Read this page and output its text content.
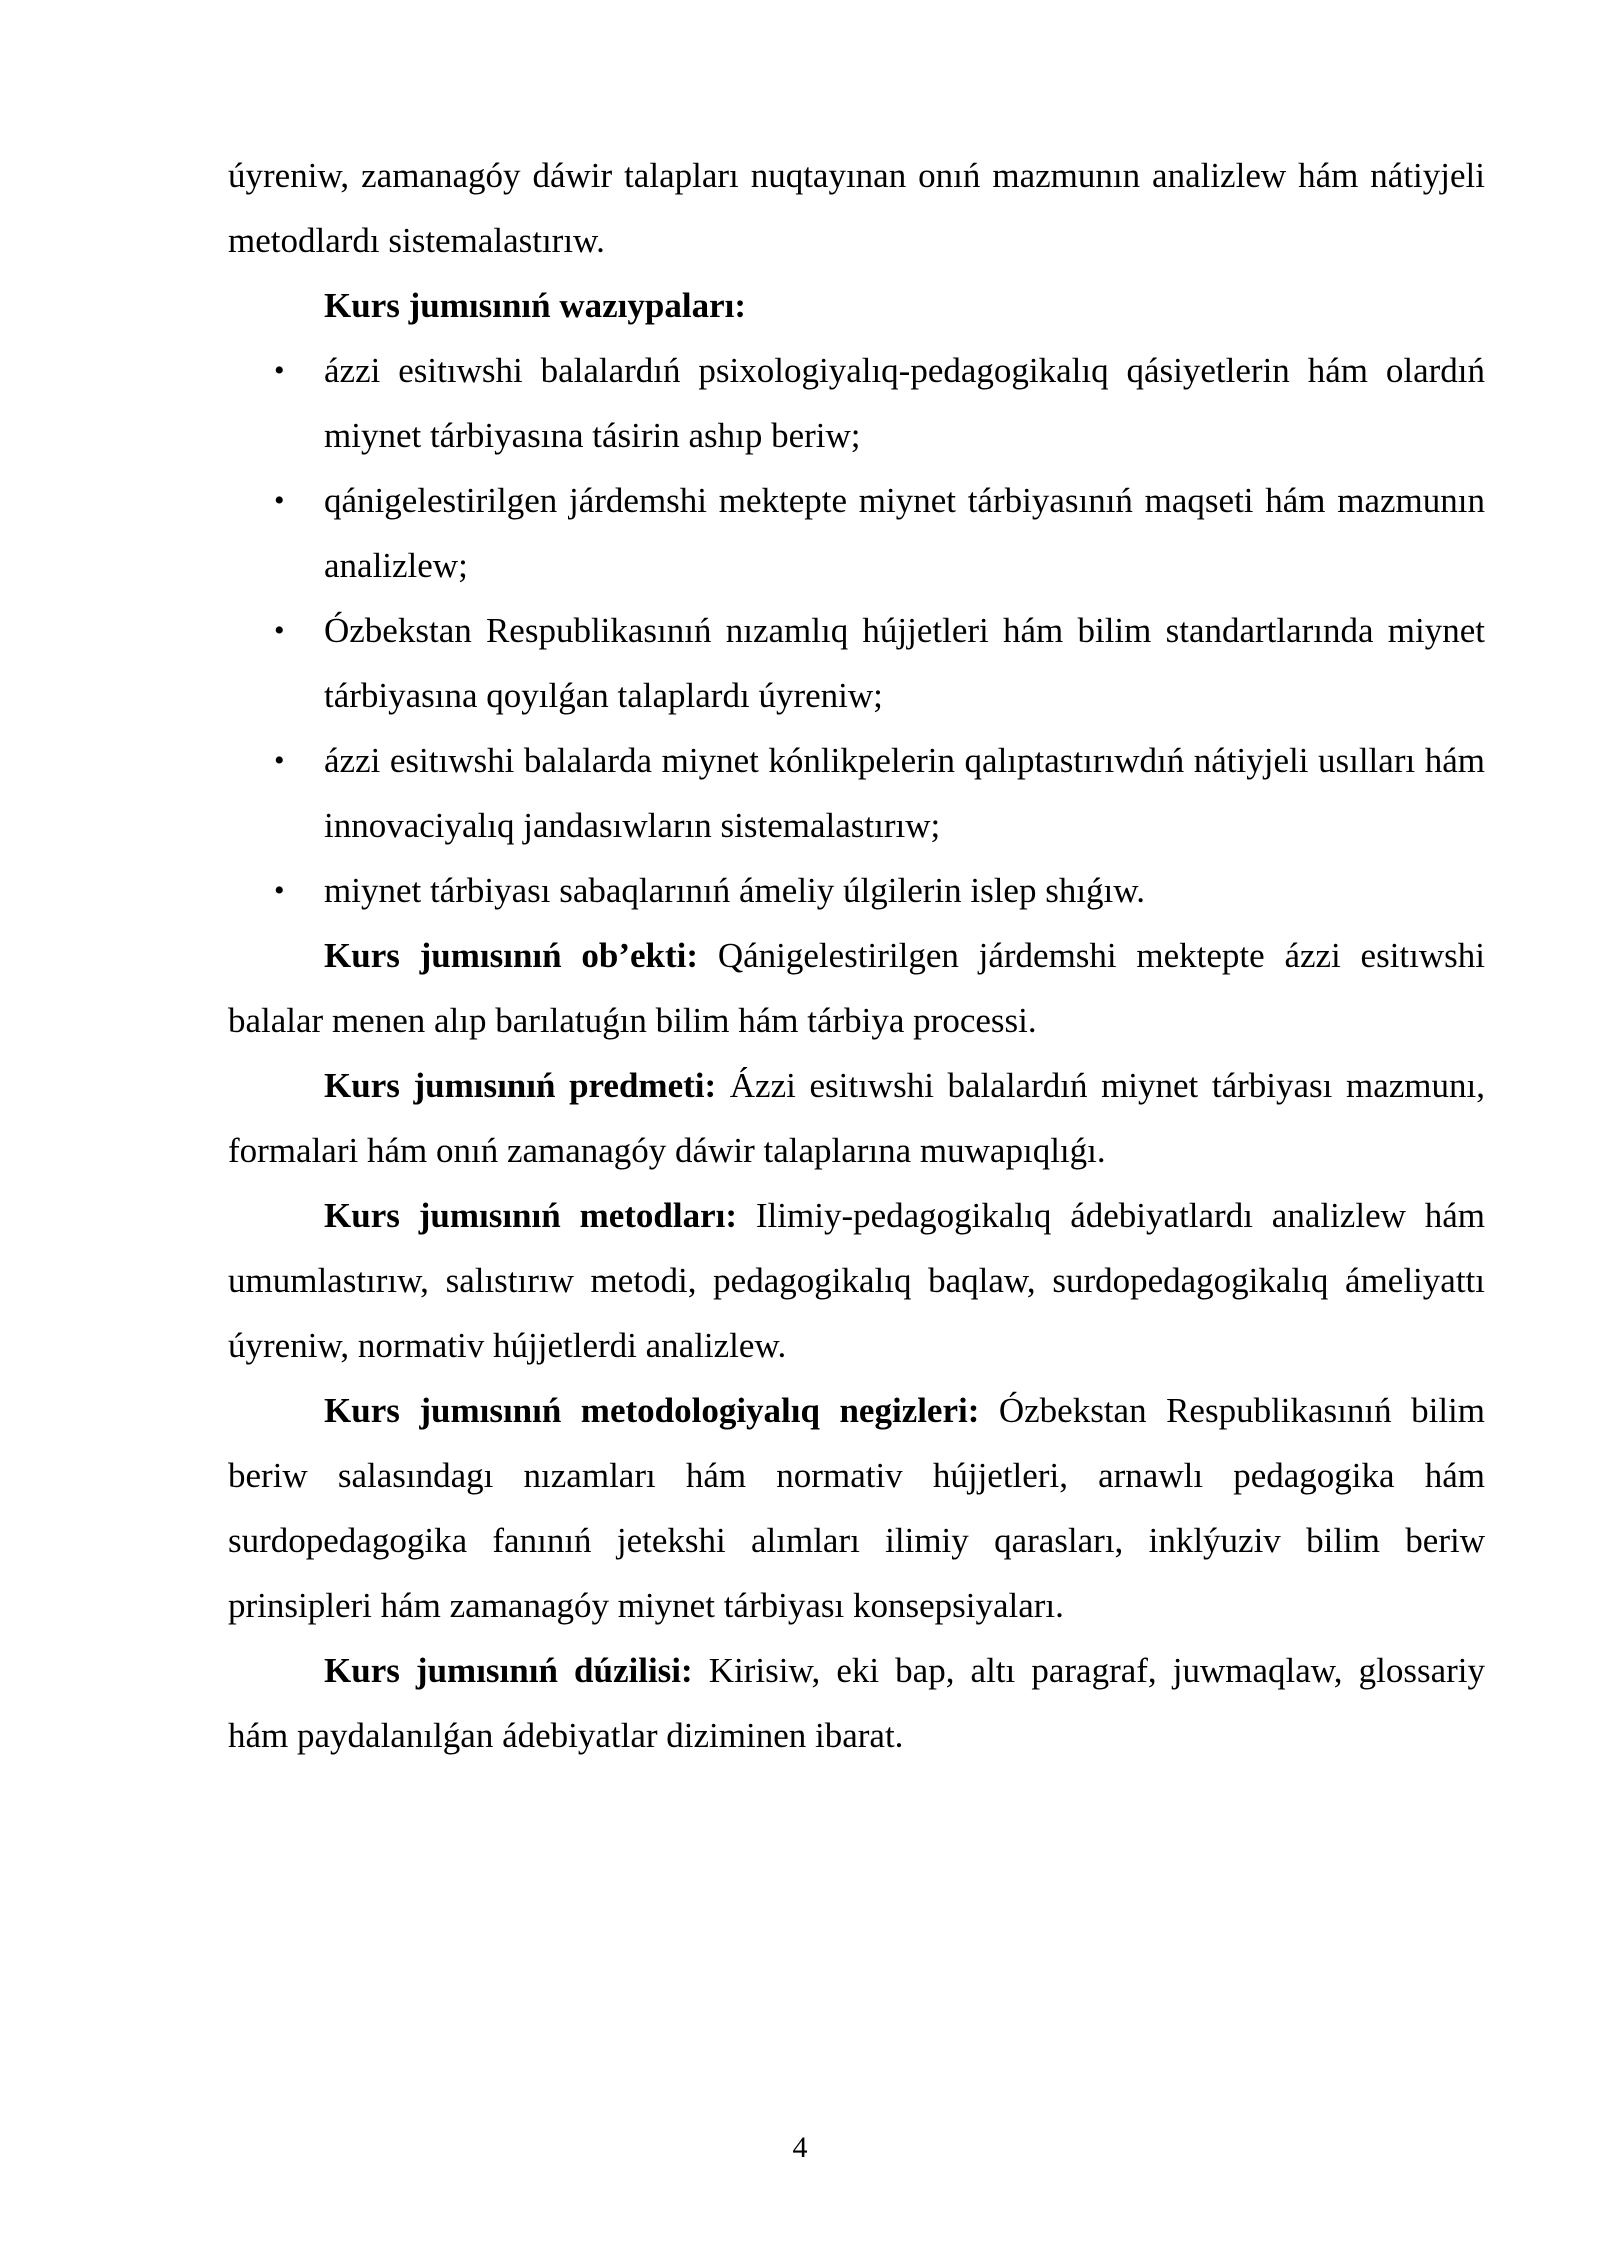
úyreniw, zamanagóy dáwir talapları nuqtayınan onıń mazmunın analizlew hám nátiyjeli metodlardı sistemalastırıw.

Kurs jumısınıń wazıypaları:

• ázzi esitıwshi balalardıń psixologiyalıq-pedagogikalıq qásiyetlerin hám olardıń miynet tárbiyasına tásirin ashıp beriw;
• qánigelestirilgen járdemshi mektepte miynet tárbiyasınıń maqseti hám mazmunın analizlew;
• Ózbekstan Respublikasınıń nızamlıq hújjetleri hám bilim standartlarında miynet tárbiyasına qoyılǵan talaplardı úyreniw;
• ázzi esitıwshi balalarda miynet kónlikpelerin qalıptastırıwdıń nátiyjeli usılları hám innovaciyalıq jandasıwların sistemalastırıw;
• miynet tárbiyası sabaqlarınıń ámeliy úlgilerin islep shıǵıw.

Kurs jumısınıń ob’ekti: Qánigelestirilgen járdemshi mektepte ázzi esitıwshi balalar menen alıp barılatuǵın bilim hám tárbiya processi.

Kurs jumısınıń predmeti: Ázzi esitıwshi balalardıń miynet tárbiyası mazmunı, formalari hám onıń zamanagóy dáwir talaplarına muwapıqlıǵı.

Kurs jumısınıń metodları: Ilimiy-pedagogikalıq ádebiyatlardı analizlew hám umumlastırıw, salıstırıw metodi, pedagogikalıq baqlaw, surdopedagogikalıq ámeliyattı úyreniw, normativ hújjetlerdi analizlew.

Kurs jumısınıń metodologiyalıq negizleri: Ózbekstan Respublikasınıń bilim beriw salasındagı nızamları hám normativ hújjetleri, arnawlı pedagogika hám surdopedagogika fanınıń jetekshi alımları ilimiy qarasları, inklýuziv bilim beriw prinsipleri hám zamanagóy miynet tárbiyası konsepsiyaları.

Kurs jumısınıń dúzilisi: Kirisiw, eki bap, altı paragraf, juwmaqlaw, glossariy hám paydalanılǵan ádebiyatlar diziminen ibarat.

4
